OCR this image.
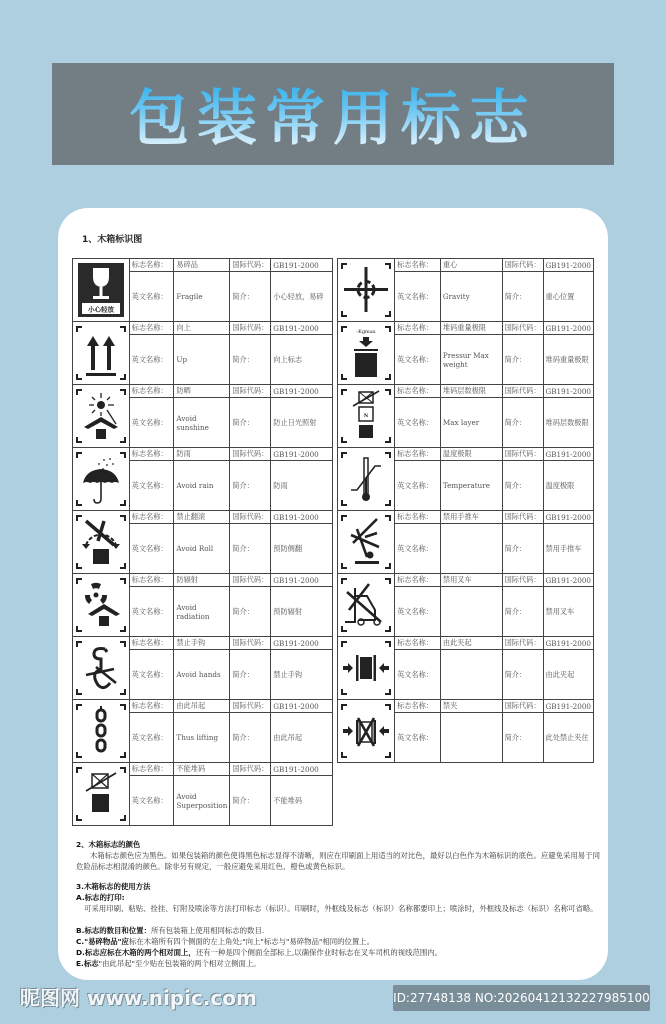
包装常用标志
1、木箱标识图
小心轻放	标志名称：	易碎品	国际代码：	GB191-2000
	英文名称：	Fragile	简介：	小心轻放，易碎

	标志名称：	向上	国际代码：	GB191-2000
	英文名称：	Up	简介：	向上标志

	标志名称：	防晒	国际代码：	GB191-2000
	英文名称：	Avoid sunshine	简介：	防止日光照射

	标志名称：	防雨	国际代码：	GB191-2000
	英文名称：	Avoid rain	简介：	防雨

	标志名称：	禁止翻滚	国际代码：	GB191-2000
	英文名称：	Avoid Roll	简介：	预防侧翻

	标志名称：	防辐射	国际代码：	GB191-2000
	英文名称：	Avoid radiation	简介：	预防辐射

	标志名称：	禁止手钩	国际代码：	GB191-2000
	英文名称：	Avoid hands	简介：	禁止手钩

	标志名称：	由此吊起	国际代码：	GB191-2000
	英文名称：	Thus lifting	简介：	由此吊起

	标志名称：	不能堆码	国际代码：	GB191-2000
	英文名称：	Avoid Superposition	简介：	不能堆码
	标志名称：	重心	国际代码：	GB191-2000
	英文名称：	Gravity	简介：	重心位置

-Kgmax	标志名称：	堆码重量极限	国际代码：	GB191-2000
	英文名称：	Pressur Max weight	简介：	堆码重量极限

N	标志名称：	堆码层数极限	国际代码：	GB191-2000
	英文名称：	Max layer	简介：	堆码层数极限

	标志名称：	温度极限	国际代码：	GB191-2000
	英文名称：	Temperature	简介：	温度极限

	标志名称：	禁用手推车	国际代码：	GB191-2000
	英文名称：		简介：	禁用手推车

	标志名称：	禁用叉车	国际代码：	GB191-2000
	英文名称：		简介：	禁用叉车

	标志名称：	由此夹起	国际代码：	GB191-2000
	英文名称：		简介：	由此夹起

	标志名称：	禁夹	国际代码：	GB191-2000
	英文名称：		简介：	此处禁止夹住
2、木箱标志的颜色
木箱标志颜色应为黑色。如果包装箱的颜色使得黑色标志显得不清晰，则应在印刷面上用适当的对比色，最好以白色作为木箱标识的底色。应避免采用易于同危险品标志相混淆的颜色。除非另有规定，一般应避免采用红色、橙色或黄色标识。
3.木箱标志的使用方法
A.标志的打印:
可采用印刷、粘贴、拴挂、钉附及喷涂等方法打印标志（标识）。印刷时，外框线及标志（标识）名称都要印上；喷涂时，外框线及标志（标识）名称可省略。
B.标志的数目和位置：所有包装箱上使用相同标志的数目.
C."易碎物品"应标在木箱所有四个侧面的左上角处;"向上"标志与"易碎物品"相同的位置上。
D.标志应标在木箱的两个相对面上，还有一种是四个侧面全部标上,以确保作业时标志在叉车司机的视线范围内。
E.标志"由此吊起"至少贴在包装箱的两个相对立侧面上。
昵图网 www.nipic.com	ID:27748138 NO:20260412132227985100
